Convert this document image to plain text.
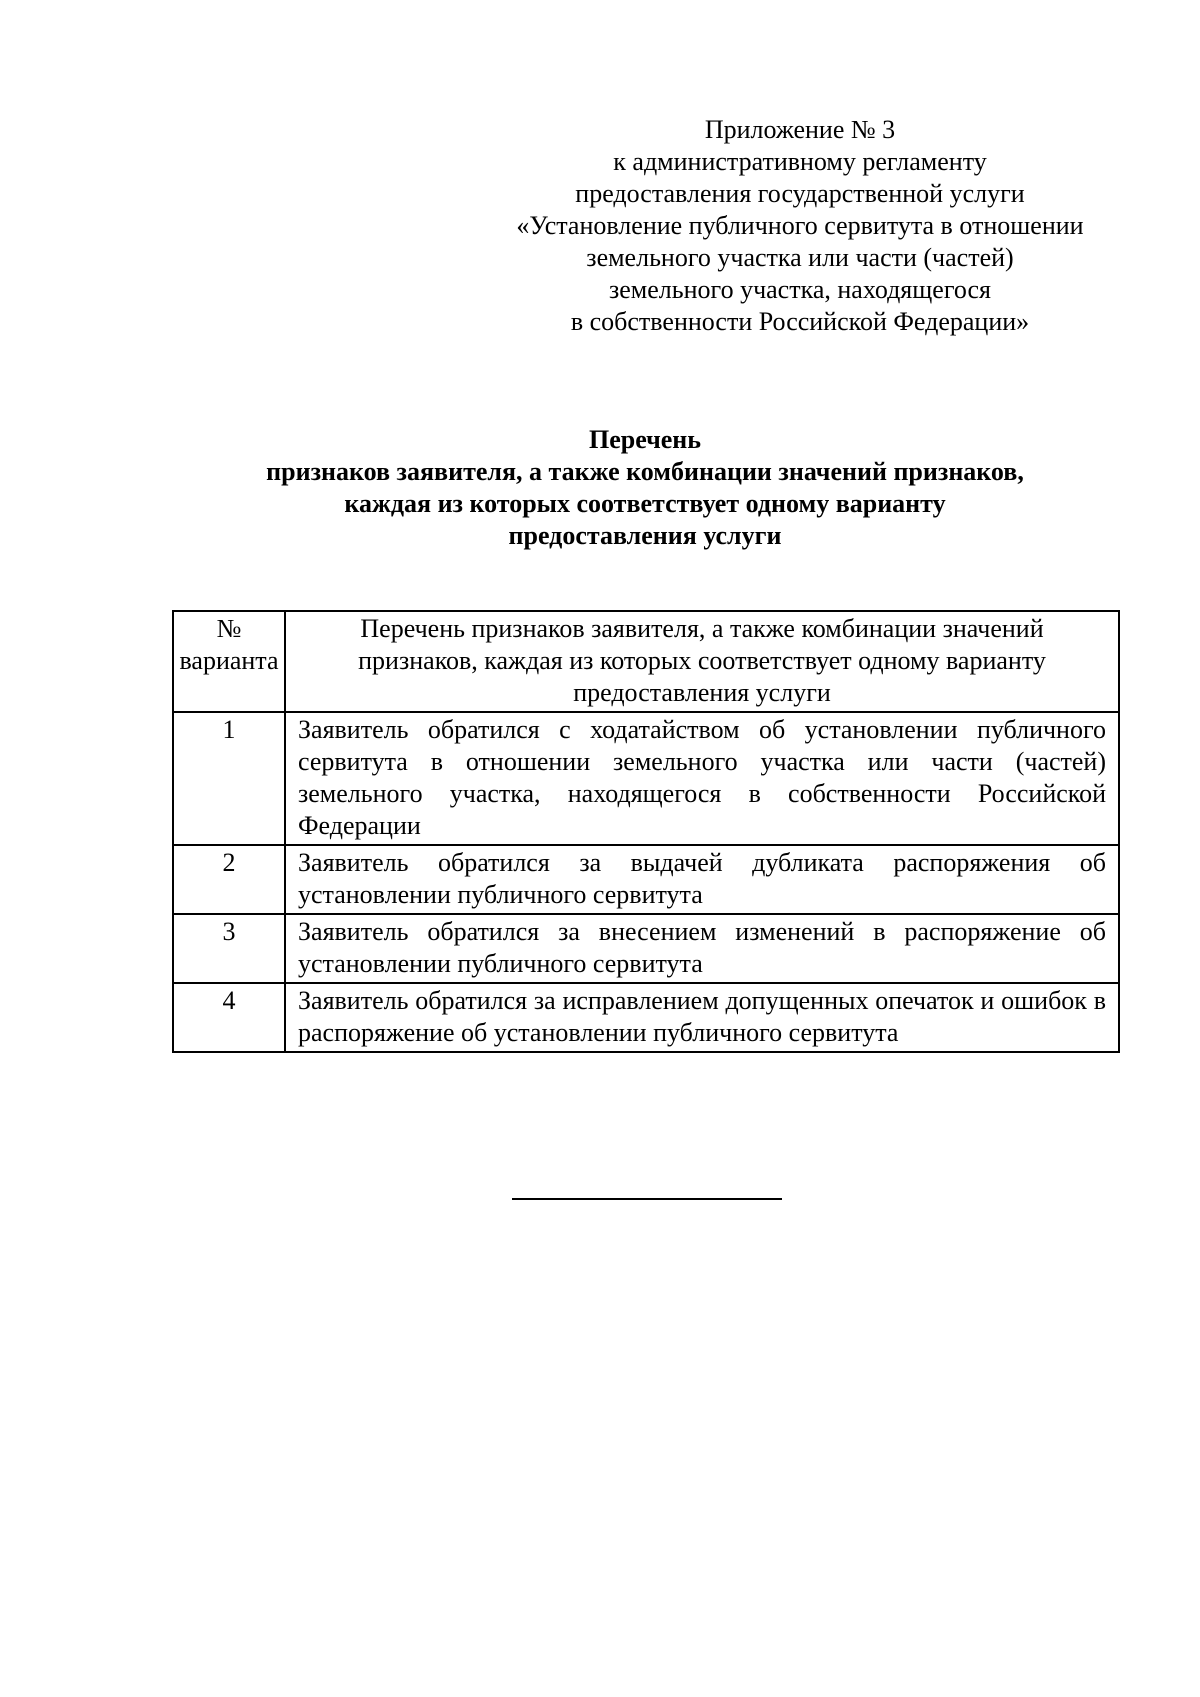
Приложение № 3
к административному регламенту
предоставления государственной услуги
«Установление публичного сервитута в отношении
земельного участка или части (частей)
земельного участка, находящегося
в собственности Российской Федерации»
Перечень
признаков заявителя, а также комбинации значений признаков,
каждая из которых соответствует одному варианту
предоставления услуги
№
варианта	Перечень признаков заявителя, а также комбинации значений признаков, каждая из которых соответствует одному варианту предоставления услуги
1	Заявитель обратился с ходатайством об установлении публичного сервитута в отношении земельного участка или части (частей) земельного участка, находящегося в собственности Российской Федерации
2	Заявитель обратился за выдачей дубликата распоряжения об установлении публичного сервитута
3	Заявитель обратился за внесением изменений в распоряжение об установлении публичного сервитута
4	Заявитель обратился за исправлением допущенных опечаток и ошибок в распоряжение об установлении публичного сервитута
